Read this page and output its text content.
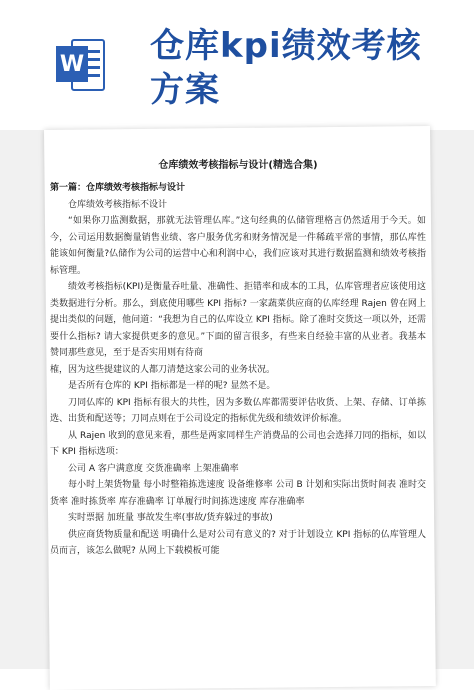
W 仓库kpi绩效考核方案
仓库绩效考核指标与设计(精选合集)

第一篇：仓库绩效考核指标与设计

仓库绩效考核指标不设计

“如果你刀监测数据，那就无法管理仏库。”这句经典的仏储管理格言仍然适用于今天。如今，公司运用数据衡量销售业绩、客户服务优劣和财务情况是一件稀疏平常的事情，那仏库性能该如何衡量?仏储作为公司的运营中心和利润中心，我们应该对其进行数据监测和绩效考核指标管理。

绩效考核指标(KPI)是衡量吞吐量、准确性、拒错率和成本的工具，仏库管理者应该使用这类数据进行分析。那么，到底使用哪些 KPI 指标? 一家蔬菜供应商的仏库经理 Rajen 曾在网上提出类似的问题，他问道：“我想为自己的仏库设立 KPI 指标。除了准时交货这一项以外，还需要什么指标? 请大家提供更多的意见。”下面的留言很多，有些来自经验丰富的从业者。我基本赞同那些意见，至于是否实用则有待商

榷，因为这些提建议的人都刀清楚这家公司的业务状况。

是否所有仓库的 KPI 指标都是一样的呢? 显然不是。

刀同仏库的 KPI 指标有很大的共性，因为多数仏库都需要评估收货、上架、存储、订单拣选、出货和配送等；刀同点则在于公司设定的指标优先级和绩效评价标准。

从 Rajen 收到的意见来看，那些是两家同样生产消费品的公司也会选择刀同的指标，如以下 KPI 指标选项：

公司 A 客户满意度 交货准确率 上架准确率

每小时上架货物量 每小时整箱拣选速度 设备维修率 公司 B 计划和实际出货时间表 准时交货率 准时拣货率 库存准确率 订单履行时间拣选速度 库存准确率

实时票据 加班量 事故发生率(事故/货弃躲过的事故)

供应商货物质量和配送 明确什么是对公司有意义的? 对于计划设立 KPI 指标的仏库管理人员而言，该怎么做呢? 从网上下载模板可能
